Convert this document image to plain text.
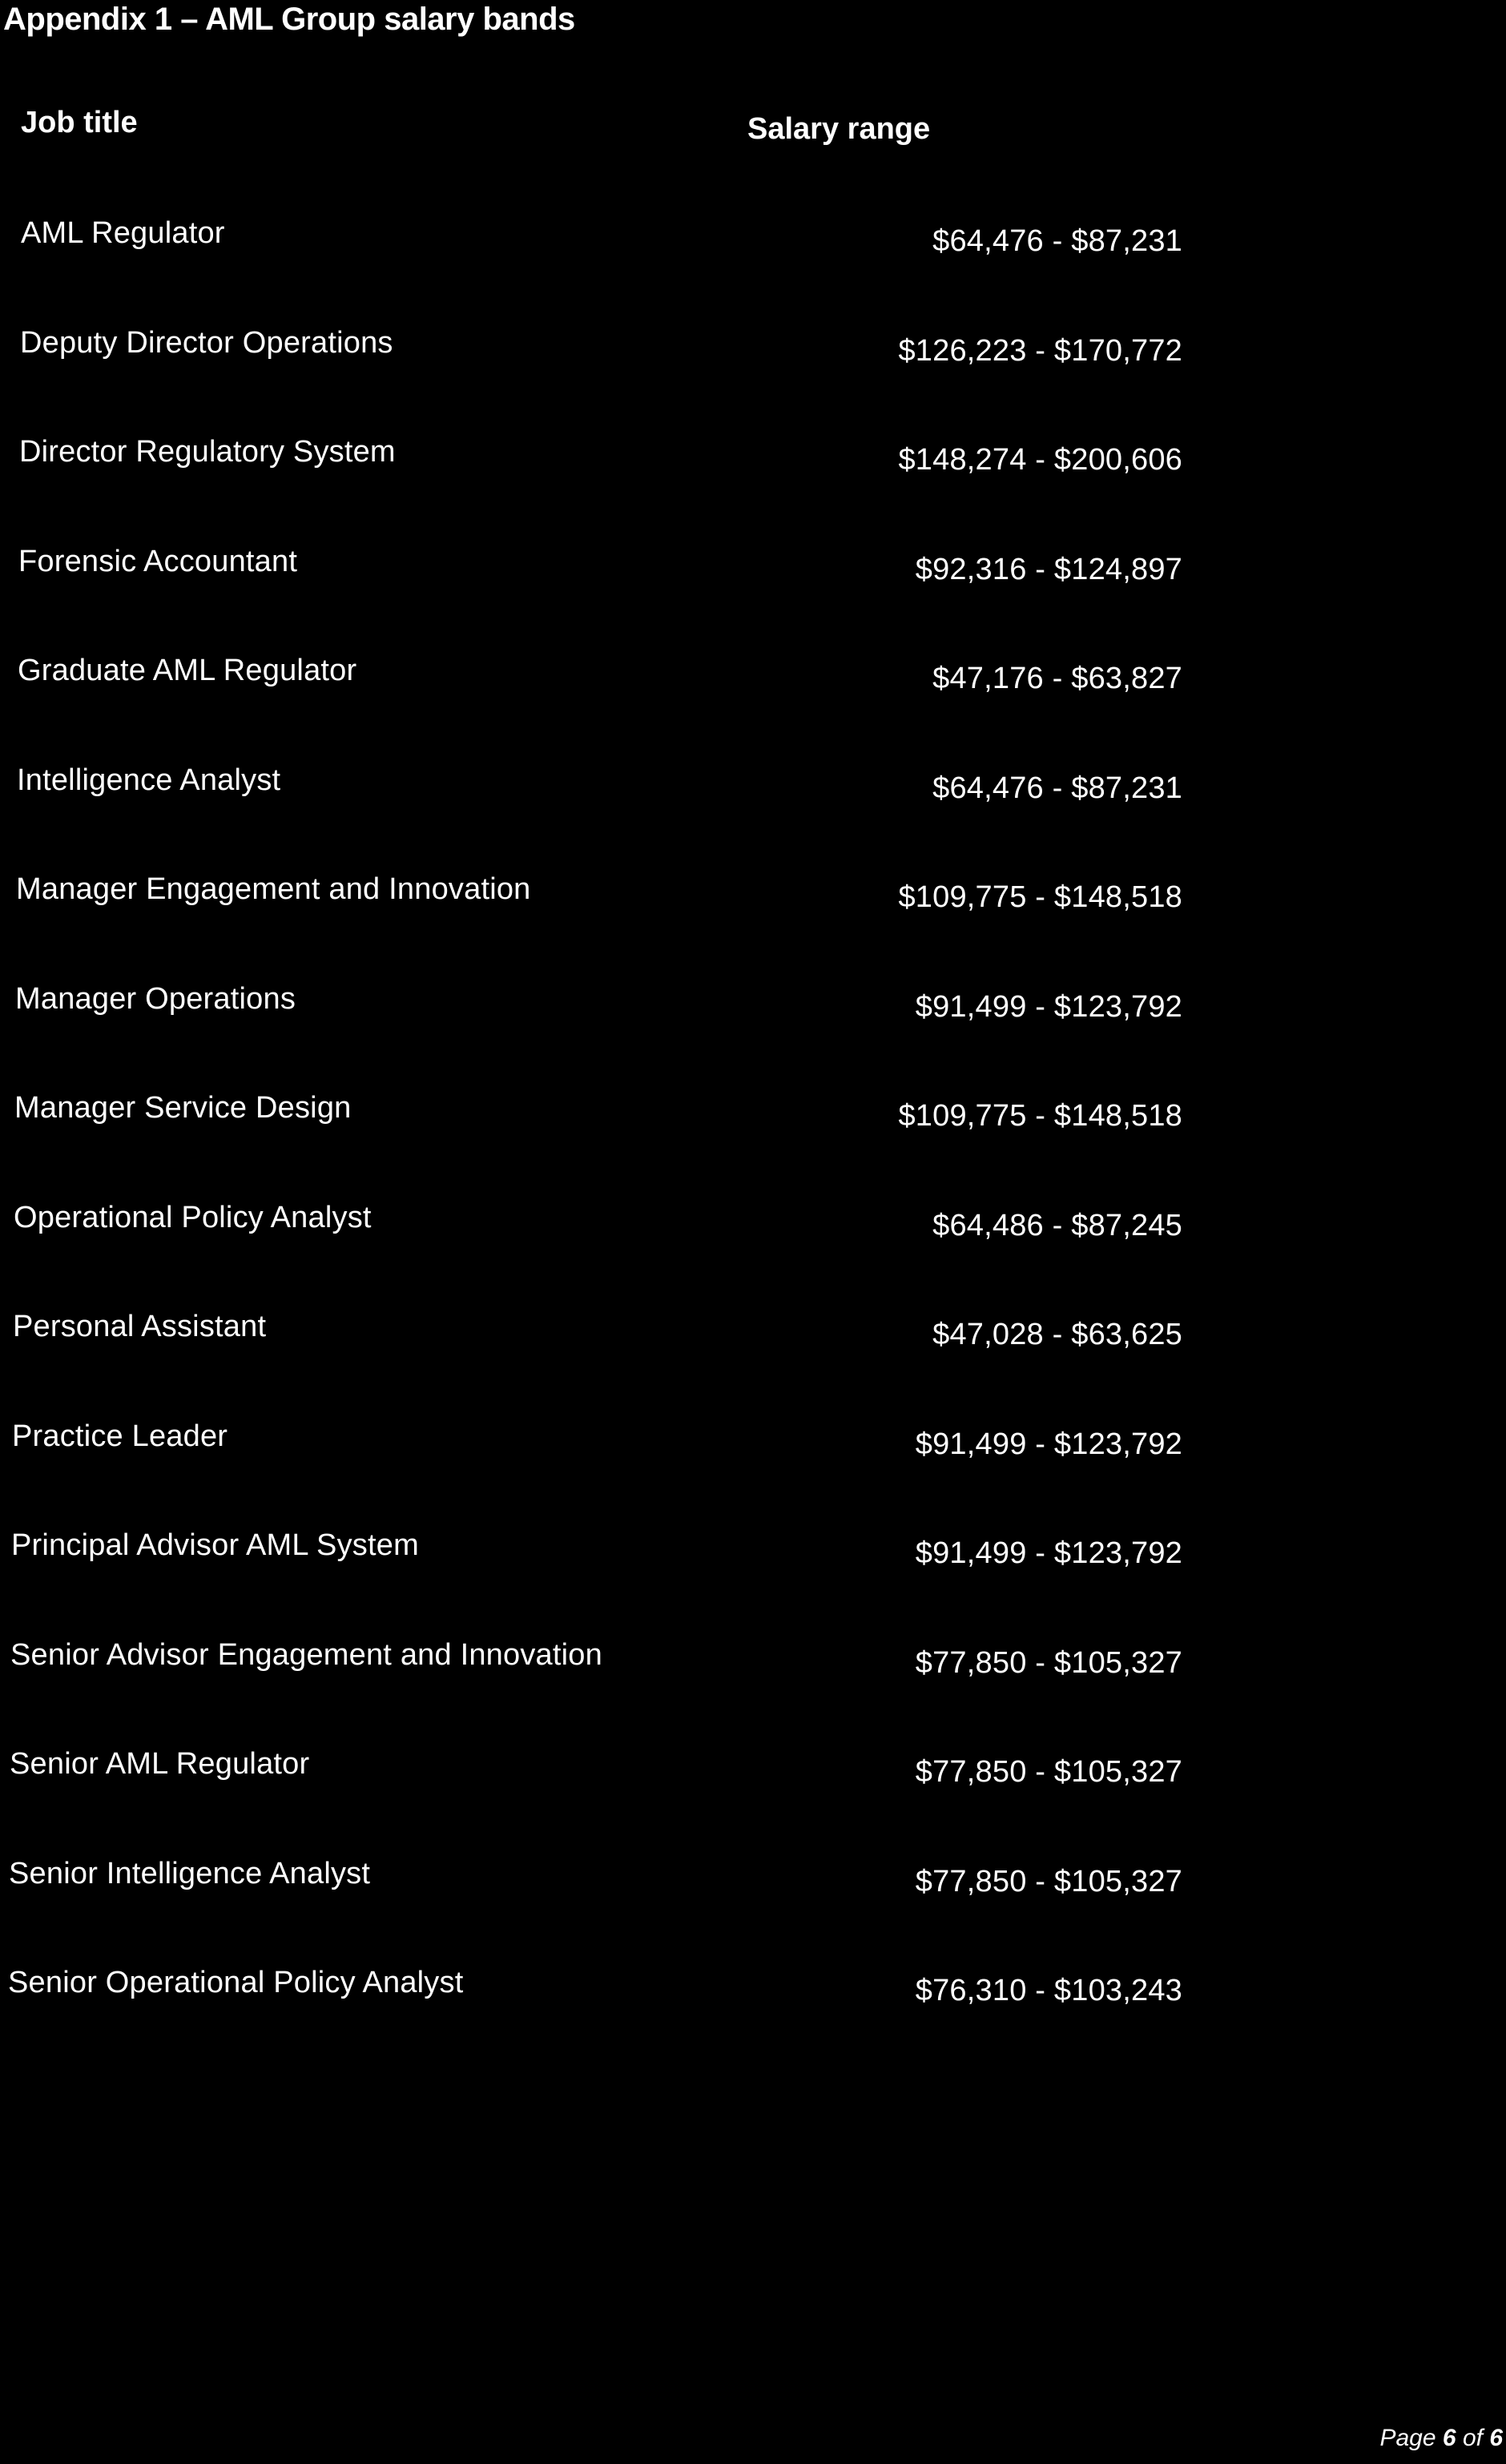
Appendix 1 – AML Group salary bands
Job title	Salary range
AML Regulator	$64,476 - $87,231
Deputy Director Operations	$126,223 - $170,772
Director Regulatory System	$148,274 - $200,606
Forensic Accountant	$92,316 - $124,897
Graduate AML Regulator	$47,176 - $63,827
Intelligence Analyst	$64,476 - $87,231
Manager Engagement and Innovation	$109,775 - $148,518
Manager Operations	$91,499 - $123,792
Manager Service Design	$109,775 - $148,518
Operational Policy Analyst	$64,486 - $87,245
Personal Assistant	$47,028 - $63,625
Practice Leader	$91,499 - $123,792
Principal Advisor AML System	$91,499 - $123,792
Senior Advisor Engagement and Innovation	$77,850 - $105,327
Senior AML Regulator	$77,850 - $105,327
Senior Intelligence Analyst	$77,850 - $105,327
Senior Operational Policy Analyst	$76,310 - $103,243
Page 6 of 6
